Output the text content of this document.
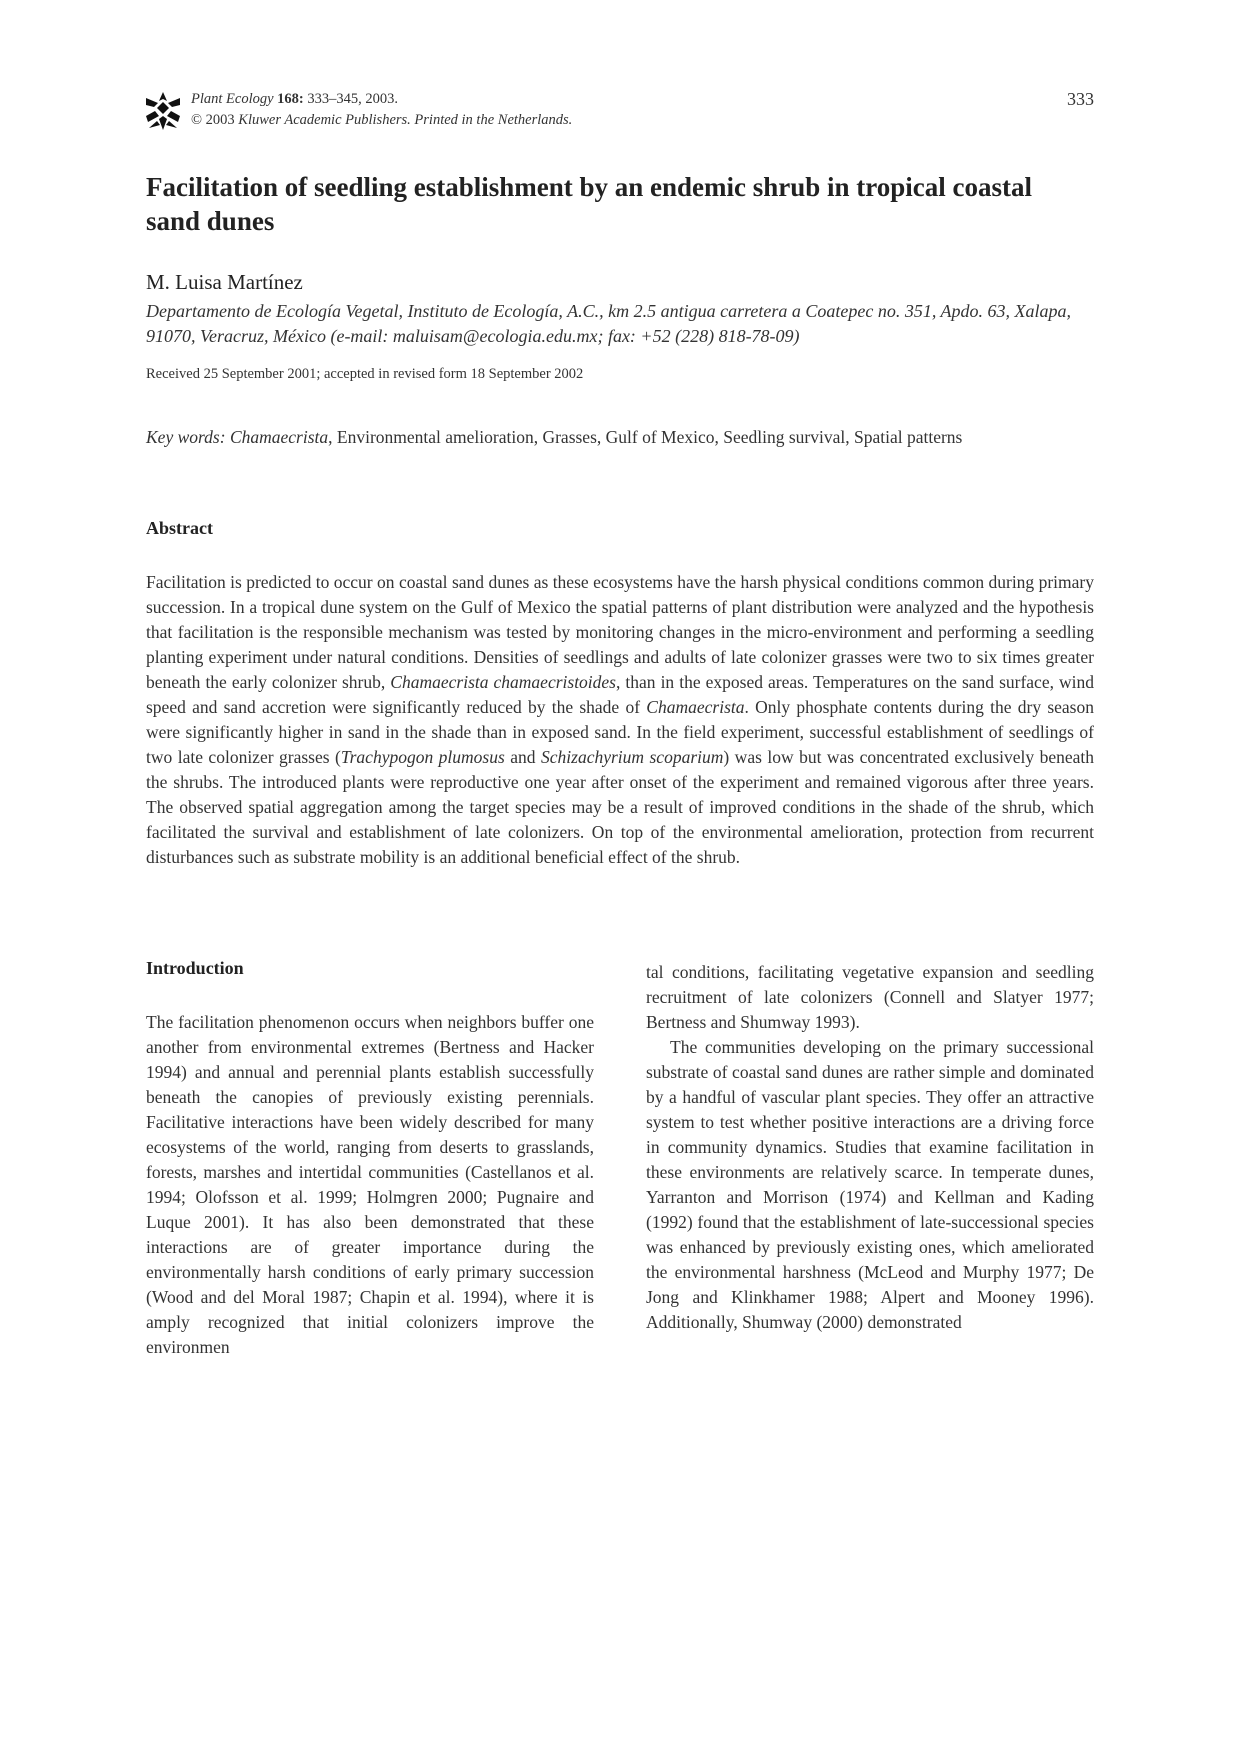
Plant Ecology 168: 333–345, 2003.
© 2003 Kluwer Academic Publishers. Printed in the Netherlands.
333
Facilitation of seedling establishment by an endemic shrub in tropical coastal sand dunes
M. Luisa Martínez
Departamento de Ecología Vegetal, Instituto de Ecología, A.C., km 2.5 antigua carretera a Coatepec no. 351, Apdo. 63, Xalapa, 91070, Veracruz, México (e-mail: maluisam@ecologia.edu.mx; fax: +52 (228) 818-78-09)
Received 25 September 2001; accepted in revised form 18 September 2002
Key words: Chamaecrista, Environmental amelioration, Grasses, Gulf of Mexico, Seedling survival, Spatial patterns
Abstract
Facilitation is predicted to occur on coastal sand dunes as these ecosystems have the harsh physical conditions common during primary succession. In a tropical dune system on the Gulf of Mexico the spatial patterns of plant distribution were analyzed and the hypothesis that facilitation is the responsible mechanism was tested by monitoring changes in the micro-environment and performing a seedling planting experiment under natural conditions. Densities of seedlings and adults of late colonizer grasses were two to six times greater beneath the early colonizer shrub, Chamaecrista chamaecristoides, than in the exposed areas. Temperatures on the sand surface, wind speed and sand accretion were significantly reduced by the shade of Chamaecrista. Only phosphate contents during the dry season were significantly higher in sand in the shade than in exposed sand. In the field experiment, successful establishment of seedlings of two late colonizer grasses (Trachypogon plumosus and Schizachyrium scoparium) was low but was concentrated exclusively beneath the shrubs. The introduced plants were reproductive one year after onset of the experiment and remained vigorous after three years. The observed spatial aggregation among the target species may be a result of improved conditions in the shade of the shrub, which facilitated the survival and establishment of late colonizers. On top of the environmental amelioration, protection from recurrent disturbances such as substrate mobility is an additional beneficial effect of the shrub.
Introduction

The facilitation phenomenon occurs when neighbors buffer one another from environmental extremes (Bertness and Hacker 1994) and annual and perennial plants establish successfully beneath the canopies of previously existing perennials. Facilitative interactions have been widely described for many ecosystems of the world, ranging from deserts to grasslands, forests, marshes and intertidal communities (Castellanos et al. 1994; Olofsson et al. 1999; Holmgren 2000; Pugnaire and Luque 2001). It has also been demonstrated that these interactions are of greater importance during the environmentally harsh conditions of early primary succession (Wood and del Moral 1987; Chapin et al. 1994), where it is amply recognized that initial colonizers improve the environmen

tal conditions, facilitating vegetative expansion and seedling recruitment of late colonizers (Connell and Slatyer 1977; Bertness and Shumway 1993).

The communities developing on the primary successional substrate of coastal sand dunes are rather simple and dominated by a handful of vascular plant species. They offer an attractive system to test whether positive interactions are a driving force in community dynamics. Studies that examine facilitation in these environments are relatively scarce. In temperate dunes, Yarranton and Morrison (1974) and Kellman and Kading (1992) found that the establishment of late-successional species was enhanced by previously existing ones, which ameliorated the environmental harshness (McLeod and Murphy 1977; De Jong and Klinkhamer 1988; Alpert and Mooney 1996). Additionally, Shumway (2000) demonstrated
